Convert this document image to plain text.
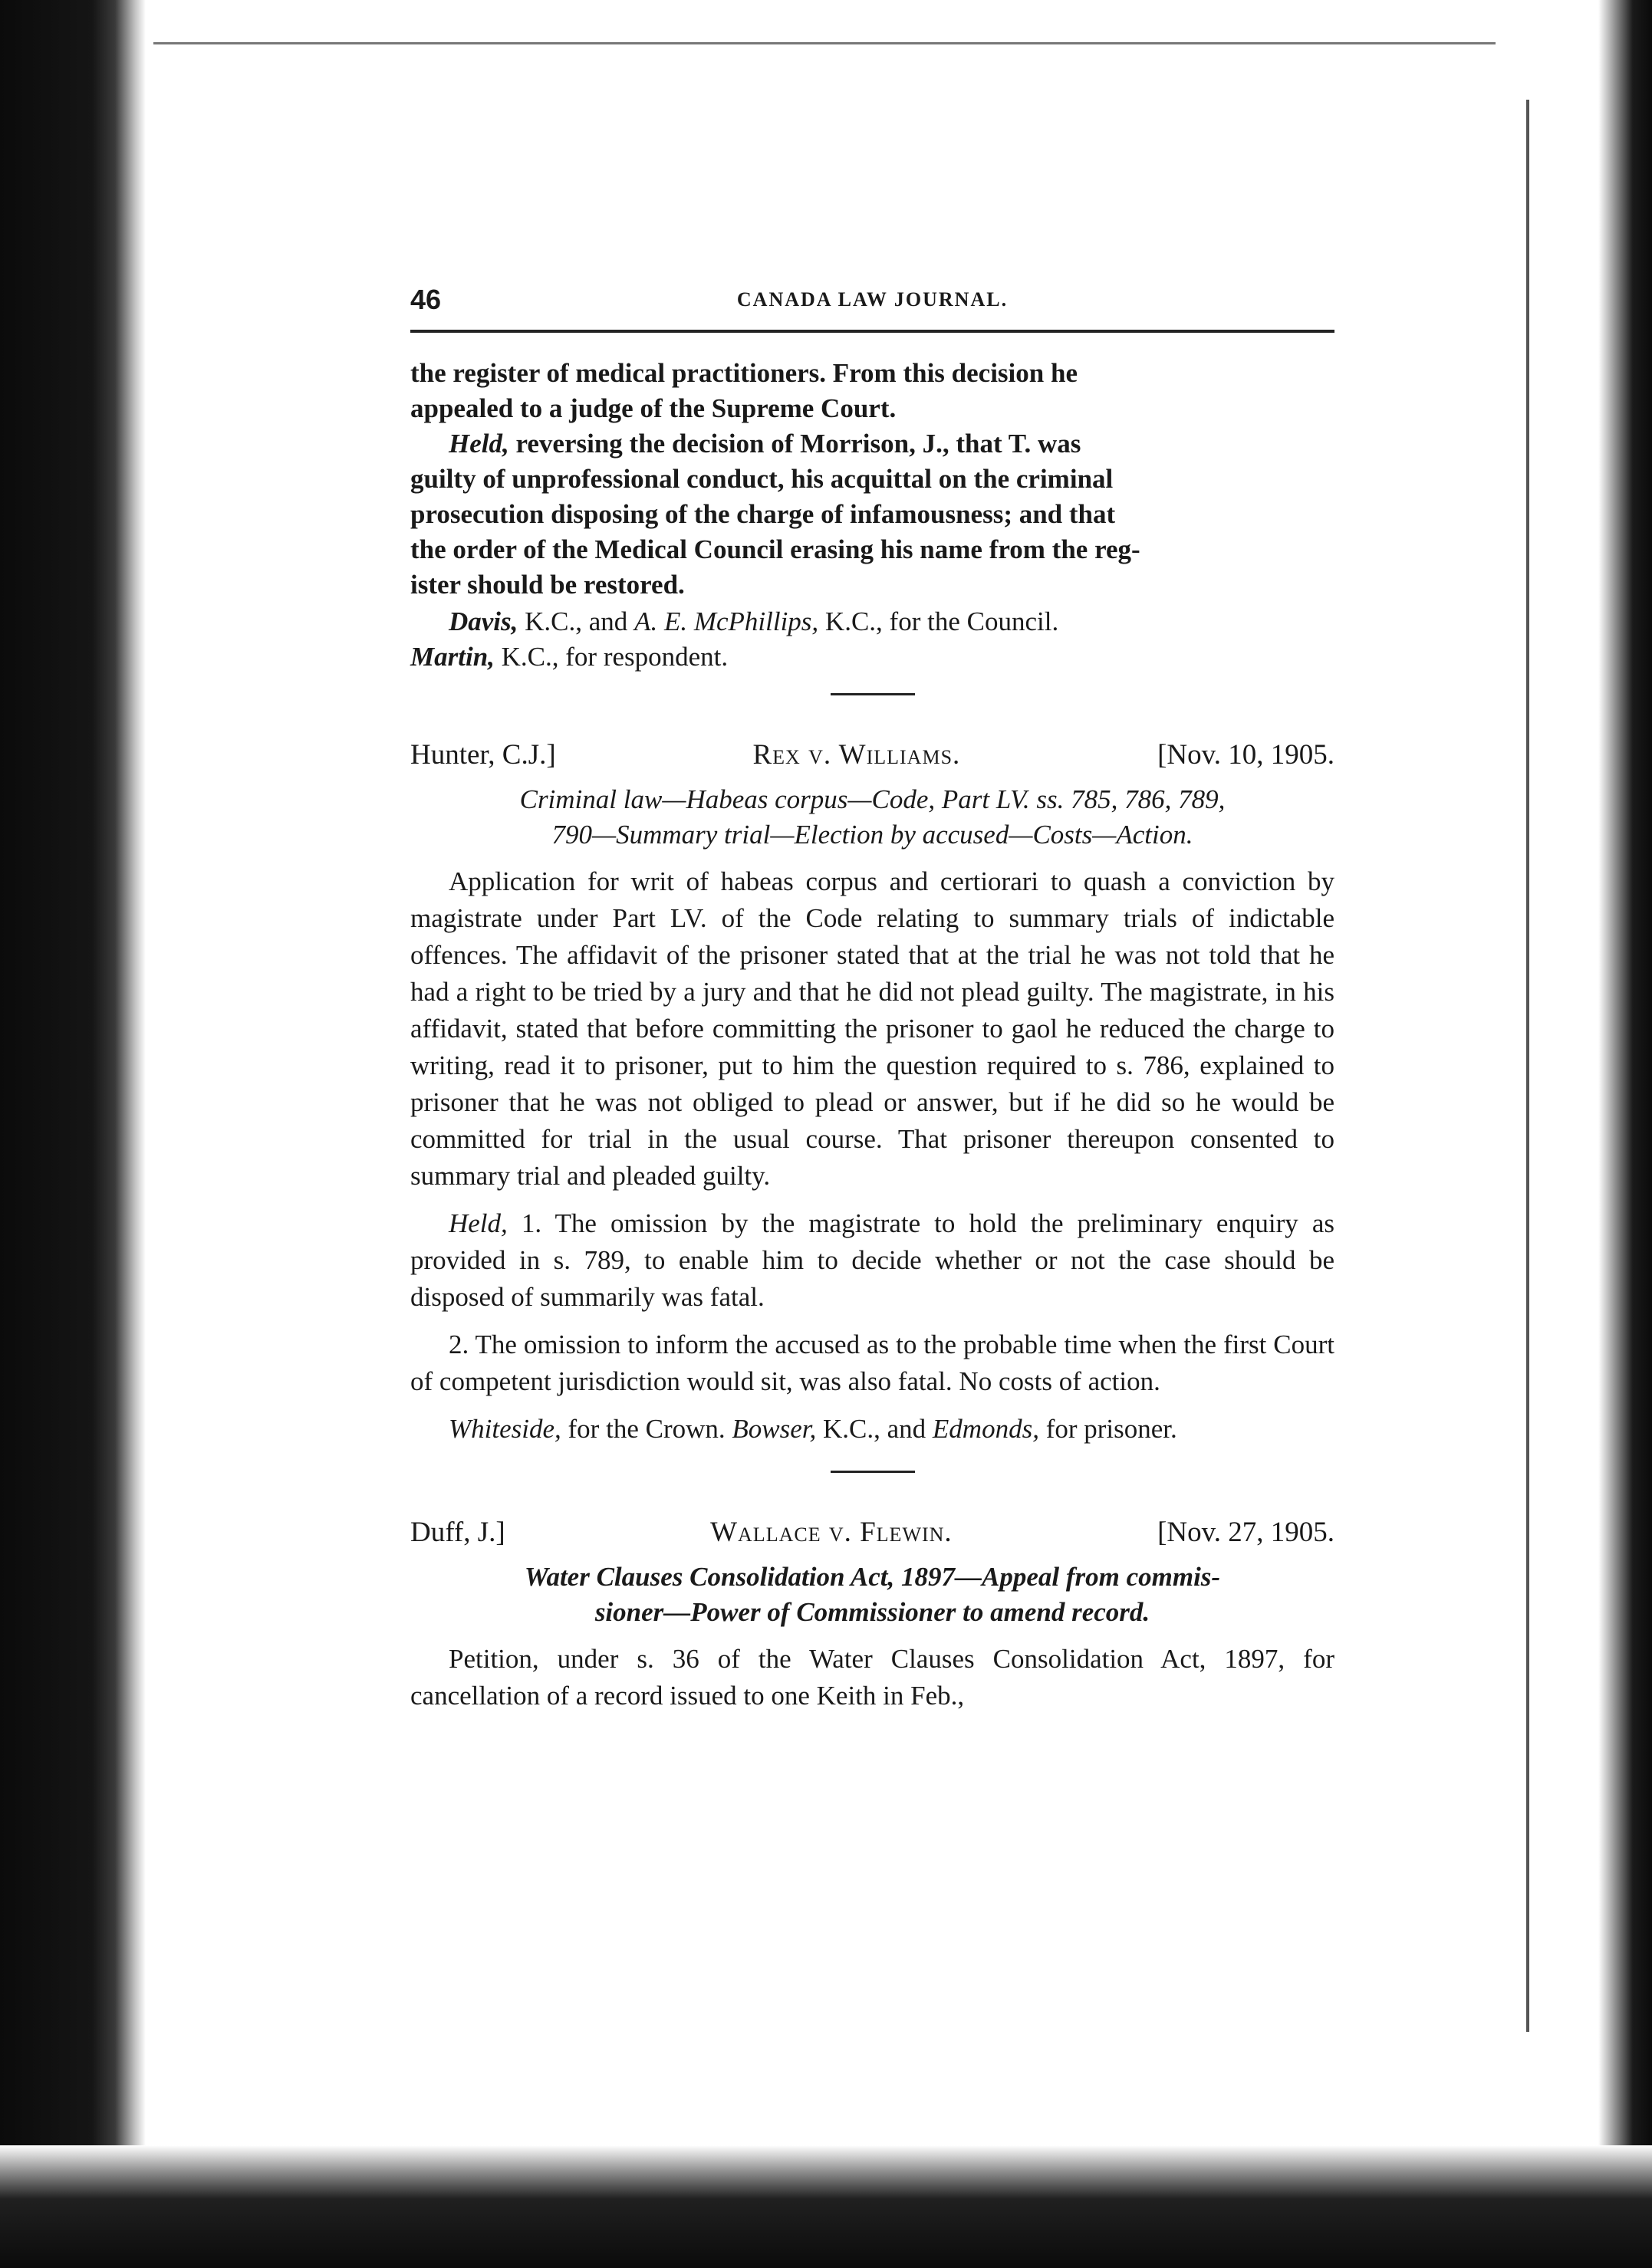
46	CANADA LAW JOURNAL.
the register of medical practitioners. From this decision he
appealed to a judge of the Supreme Court.
Held, reversing the decision of Morrison, J., that T. was
guilty of unprofessional conduct, his acquittal on the criminal
prosecution disposing of the charge of infamousness; and that
the order of the Medical Council erasing his name from the reg-
ister should be restored.
Davis, K.C., and A. E. McPhillips, K.C., for the Council.
Martin, K.C., for respondent.
Hunter, C.J.]	Rex v. Williams.	[Nov. 10, 1905.
Criminal law—Habeas corpus—Code, Part LV. ss. 785, 786, 789,
790—Summary trial—Election by accused—Costs—Action.

Application for writ of habeas corpus and certiorari to quash a conviction by magistrate under Part LV. of the Code relating to summary trials of indictable offences. The affidavit of the prisoner stated that at the trial he was not told that he had a right to be tried by a jury and that he did not plead guilty. The magistrate, in his affidavit, stated that before committing the prisoner to gaol he reduced the charge to writing, read it to prisoner, put to him the question required to s. 786, explained to prisoner that he was not obliged to plead or answer, but if he did so he would be committed for trial in the usual course. That prisoner thereupon consented to summary trial and pleaded guilty.

Held, 1. The omission by the magistrate to hold the preliminary enquiry as provided in s. 789, to enable him to decide whether or not the case should be disposed of summarily was fatal.

2. The omission to inform the accused as to the probable time when the first Court of competent jurisdiction would sit, was also fatal. No costs of action.

Whiteside, for the Crown. Bowser, K.C., and Edmonds, for prisoner.

Duff, J.]	Wallace v. Flewin.	[Nov. 27, 1905.
Water Clauses Consolidation Act, 1897—Appeal from commis-
sioner—Power of Commissioner to amend record.

Petition, under s. 36 of the Water Clauses Consolidation Act, 1897, for cancellation of a record issued to one Keith in Feb.,
